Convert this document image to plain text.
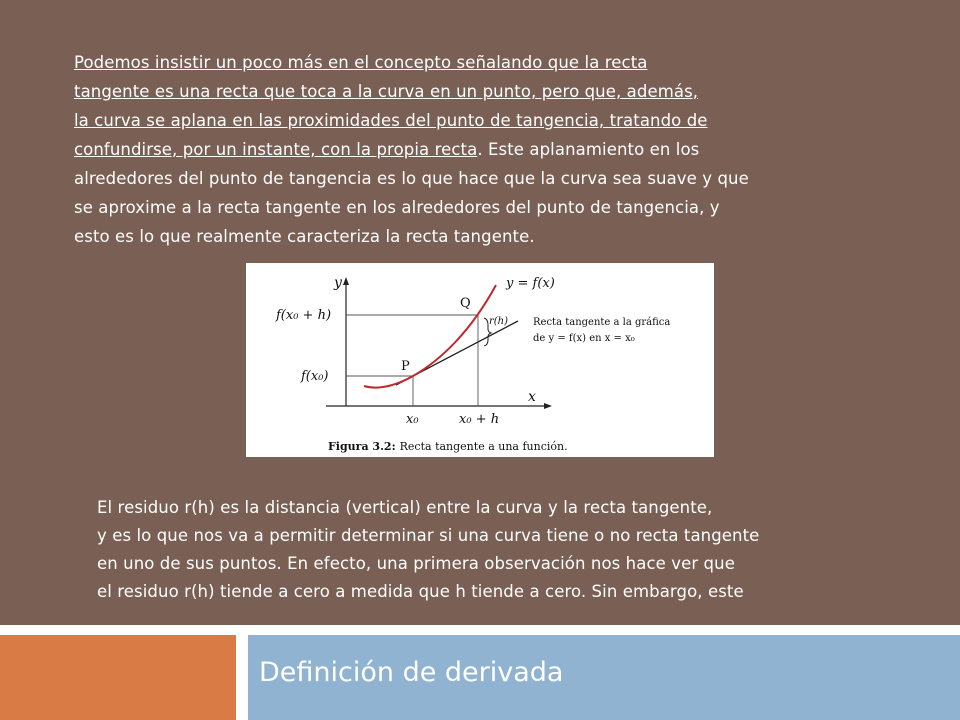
Podemos insistir un poco más en el concepto señalando que la recta
tangente es una recta que toca a la curva en un punto, pero que, además,
la curva se aplana en las proximidades del punto de tangencia, tratando de
confundirse, por un instante, con la propia recta. Este aplanamiento en los
alrededores del punto de tangencia es lo que hace que la curva sea suave y que
se aproxime a la recta tangente en los alrededores del punto de tangencia, y
esto es lo que realmente caracteriza la recta tangente.
y
x
y = f(x)
Q
P
r(h) Recta tangente a la gráfica
de y = f(x) en x = x₀
f(x₀ + h)
f(x₀)
x₀	x₀ + h
Figura 3.2: Recta tangente a una función.
El residuo r(h) es la distancia (vertical) entre la curva y la recta tangente,
y es lo que nos va a permitir determinar si una curva tiene o no recta tangente
en uno de sus puntos. En efecto, una primera observación nos hace ver que
el residuo r(h) tiende a cero a medida que h tiende a cero. Sin embargo, este
Definición de derivada
